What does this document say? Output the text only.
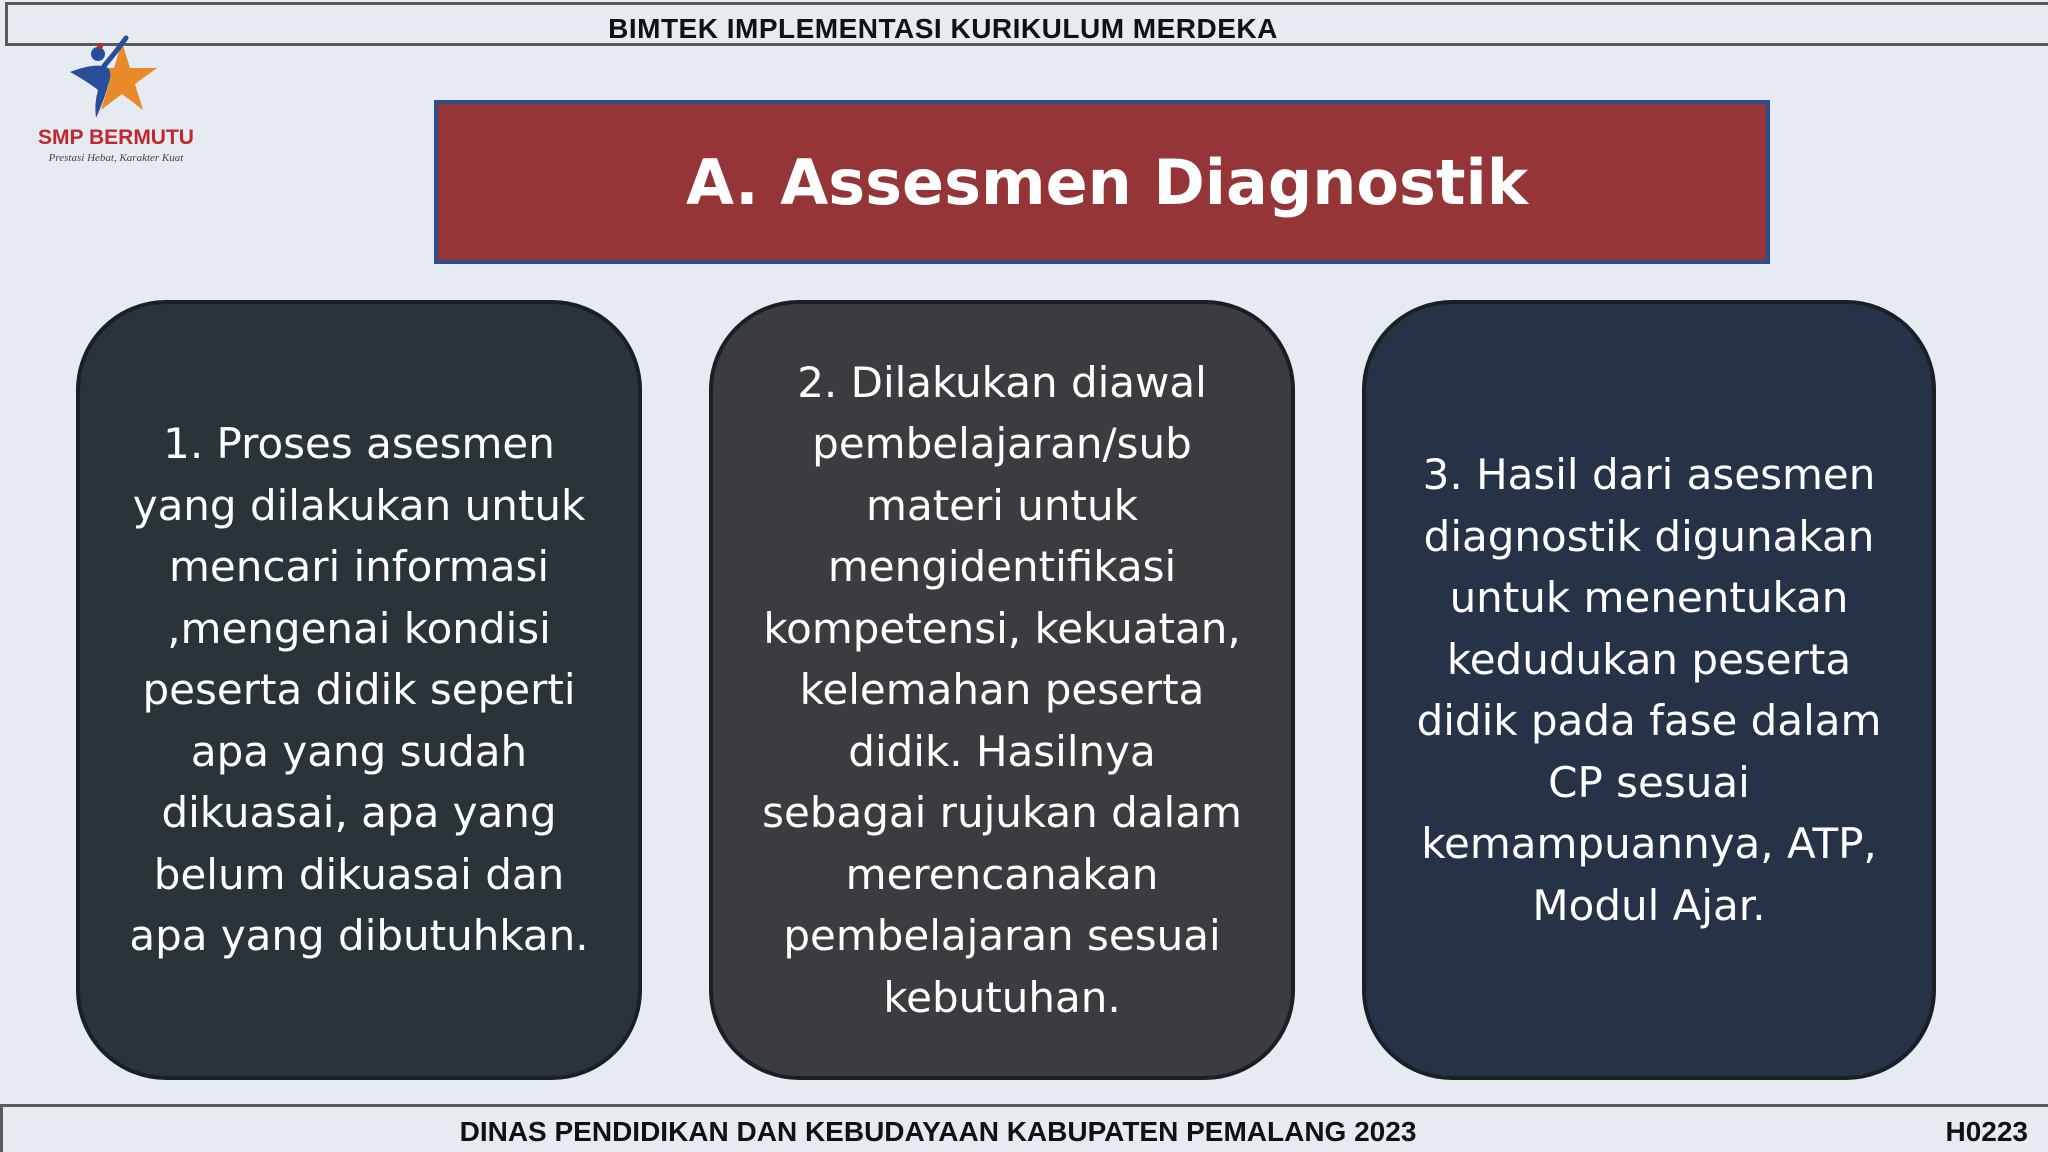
BIMTEK IMPLEMENTASI KURIKULUM MERDEKA
SMP BERMUTU
Prestasi Hebat, Karakter Kuat	A. Assesmen Diagnostik
1. Proses asesmen yang dilakukan untuk mencari informasi ,mengenai kondisi peserta didik seperti apa yang sudah dikuasai, apa yang belum dikuasai dan apa yang dibutuhkan.
2. Dilakukan diawal pembelajaran/sub materi untuk mengidentifikasi kompetensi, kekuatan, kelemahan peserta didik. Hasilnya sebagai rujukan dalam merencanakan pembelajaran sesuai kebutuhan.
3. Hasil dari asesmen diagnostik digunakan untuk menentukan kedudukan peserta didik pada fase dalam CP sesuai kemampuannya, ATP, Modul Ajar.
DINAS PENDIDIKAN DAN KEBUDAYAAN KABUPATEN PEMALANG 2023	H0223
